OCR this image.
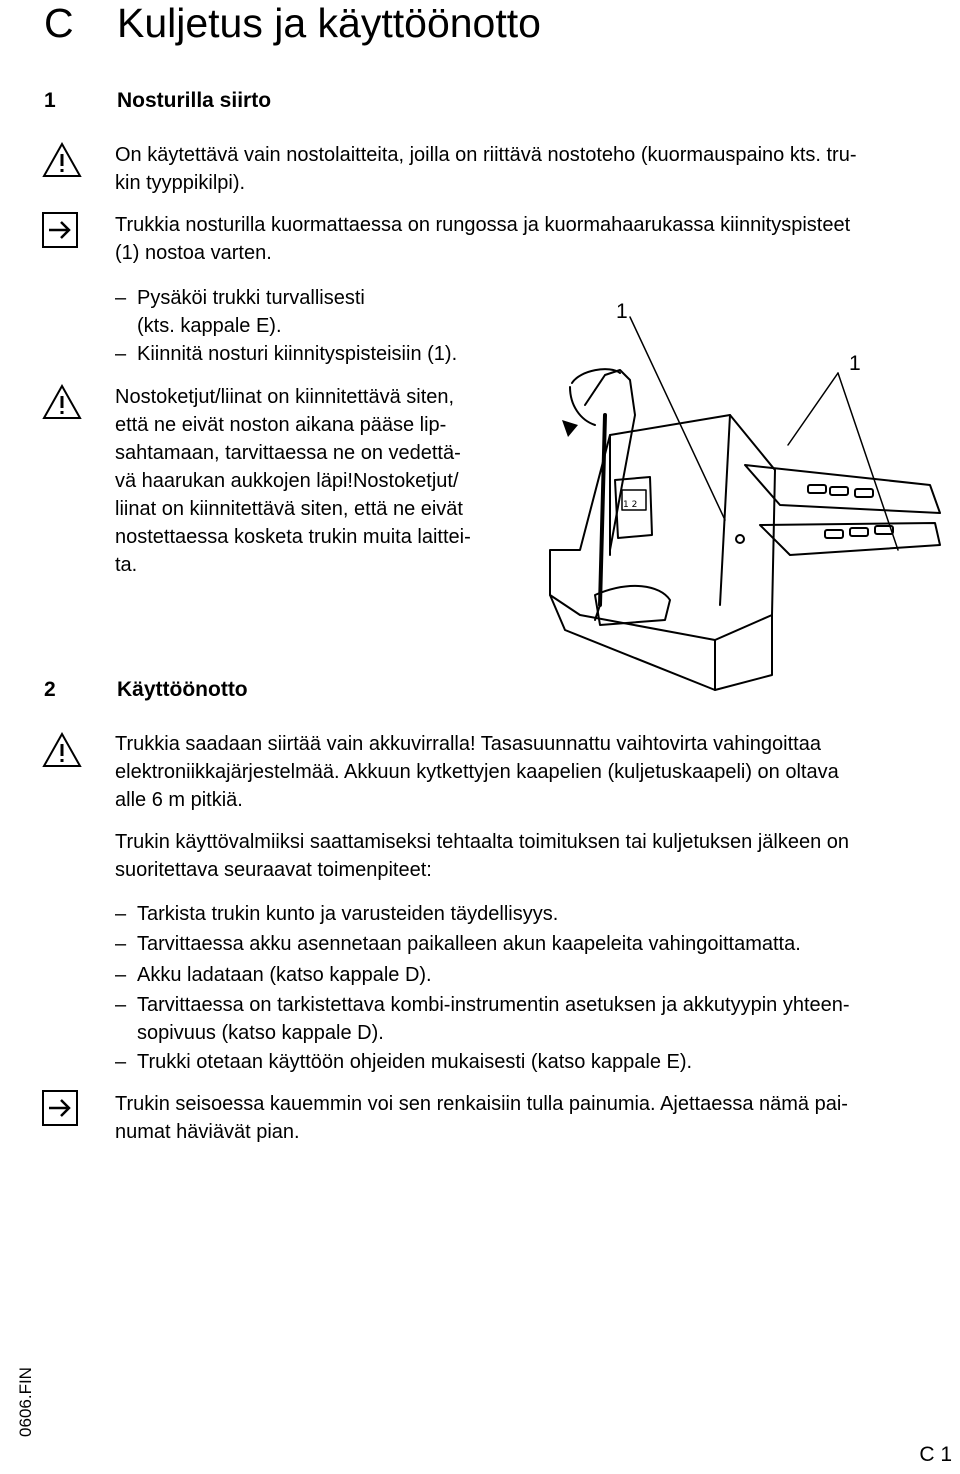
C Kuljetus ja käyttöönotto
1	Nosturilla siirto
On käytettävä vain nostolaitteita, joilla on riittävä nostoteho (kuormauspaino kts. tru-
kin tyyppikilpi).
Trukkia nosturilla kuormattaessa on rungossa ja kuormahaarukassa kiinnityspisteet
(1) nostoa varten.
– Pysäköi trukki turvallisesti
(kts. kappale E).
– Kiinnitä nosturi kiinnityspisteisiin (1).
Nostoketjut/liinat on kiinnitettävä siten,
että ne eivät noston aikana pääse lip-
sahtamaan, tarvittaessa ne on vedettä-
vä haarukan aukkojen läpi!Nostoketjut/
liinat on kiinnitettävä siten, että ne eivät
nostettaessa kosketa trukin muita laittei-
ta.
1 2
1
1
2	Käyttöönotto
Trukkia saadaan siirtää vain akkuvirralla! Tasasuunnattu vaihtovirta vahingoittaa
elektroniikkajärjestelmää. Akkuun kytkettyjen kaapelien (kuljetuskaapeli) on oltava
alle 6 m pitkiä.
Trukin käyttövalmiiksi saattamiseksi tehtaalta toimituksen tai kuljetuksen jälkeen on
suoritettava seuraavat toimenpiteet:
– Tarkista trukin kunto ja varusteiden täydellisyys.
– Tarvittaessa akku asennetaan paikalleen akun kaapeleita vahingoittamatta.
– Akku ladataan (katso kappale D).
– Tarvittaessa on tarkistettava kombi-instrumentin asetuksen ja akkutyypin yhteen-
sopivuus (katso kappale D).
– Trukki otetaan käyttöön ohjeiden mukaisesti (katso kappale E).
Trukin seisoessa kauemmin voi sen renkaisiin tulla painumia. Ajettaessa nämä pai-
numat häviävät pian.
0606.FIN
C 1
